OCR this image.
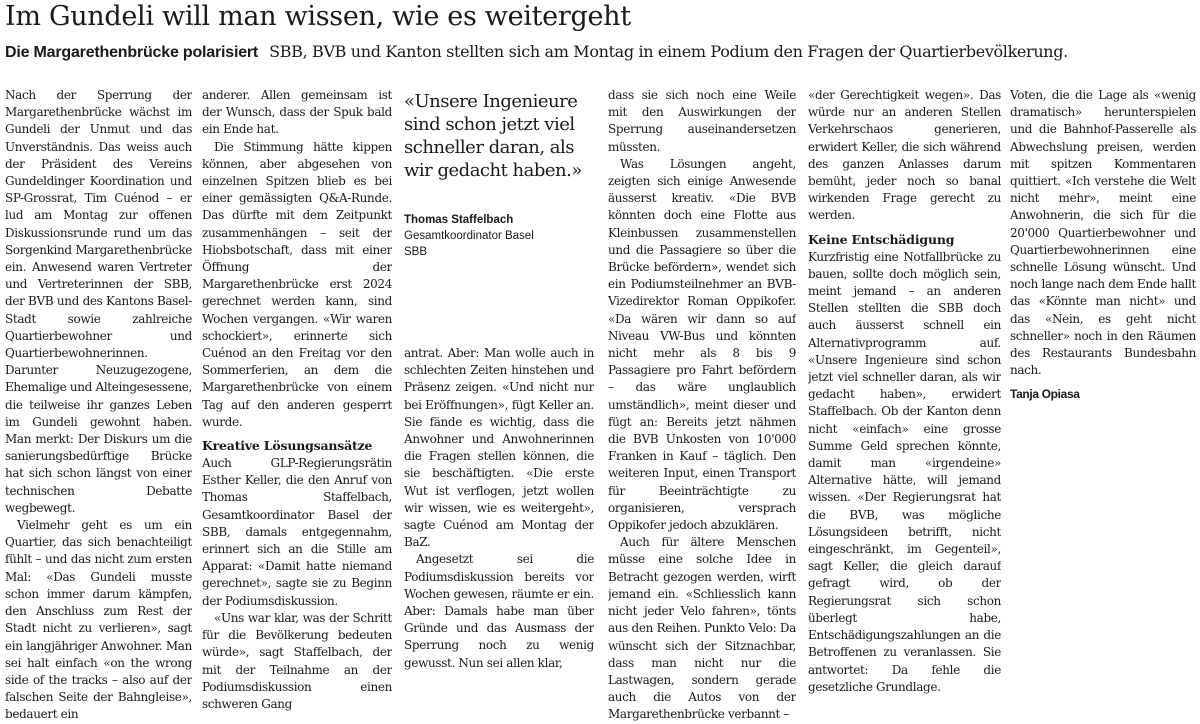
Im Gundeli will man wissen, wie es weitergeht
Die Margarethenbrücke polarisiert SBB, BVB und Kanton stellten sich am Montag in einem Podium den Fragen der Quartierbevölkerung.

Nach der Sperrung der Margarethenbrücke wächst im Gundeli der Unmut und das Unverständnis. Das weiss auch der Präsident des Vereins Gundeldinger Koordination und SP-Grossrat, Tim Cuénod – er lud am Montag zur offenen Diskussionsrunde rund um das Sorgenkind Margarethenbrücke ein. Anwesend waren Vertreter und Vertreterinnen der SBB, der BVB und des Kantons Basel-Stadt sowie zahlreiche Quartierbewohner und Quartierbewohnerinnen. Darunter Neuzugezogene, Ehemalige und Alteingesessene, die teilweise ihr ganzes Leben im Gundeli gewohnt haben. Man merkt: Der Diskurs um die sanierungsbedürftige Brücke hat sich schon längst von einer technischen Debatte wegbewegt.

Vielmehr geht es um ein Quartier, das sich benachteiligt fühlt – und das nicht zum ersten Mal: «Das Gundeli musste schon immer darum kämpfen, den Anschluss zum Rest der Stadt nicht zu verlieren», sagt ein langjähriger Anwohner. Man sei halt einfach «on the wrong side of the tracks – also auf der falschen Seite der Bahngleise», bedauert ein

anderer. Allen gemeinsam ist der Wunsch, dass der Spuk bald ein Ende hat.

Die Stimmung hätte kippen können, aber abgesehen von einzelnen Spitzen blieb es bei einer gemässigten Q&A-Runde. Das dürfte mit dem Zeitpunkt zusammenhängen – seit der Hiobsbotschaft, dass mit einer Öffnung der Margarethenbrücke erst 2024 gerechnet werden kann, sind Wochen vergangen. «Wir waren schockiert», erinnerte sich Cuénod an den Freitag vor den Sommerferien, an dem die Margarethenbrücke von einem Tag auf den anderen gesperrt wurde.

Kreative Lösungsansätze

Auch GLP-Regierungsrätin Esther Keller, die den Anruf von Thomas Staffelbach, Gesamtkoordinator Basel der SBB, damals entgegennahm, erinnert sich an die Stille am Apparat: «Damit hatte niemand gerechnet», sagte sie zu Beginn der Podiumsdiskussion.

«Uns war klar, was der Schritt für die Bevölkerung bedeuten würde», sagt Staffelbach, der mit der Teilnahme an der Podiumsdiskussion einen schweren Gang

«Unsere Ingenieure sind schon jetzt viel schneller daran, als wir gedacht haben.»
Thomas Staffelbach
Gesamtkoordinator Basel
SBB

antrat. Aber: Man wolle auch in schlechten Zeiten hinstehen und Präsenz zeigen. «Und nicht nur bei Eröffnungen», fügt Keller an. Sie fände es wichtig, dass die Anwohner und Anwohnerinnen die Fragen stellen können, die sie beschäftigten. «Die erste Wut ist verflogen, jetzt wollen wir wissen, wie es weitergeht», sagte Cuénod am Montag der BaZ.

Angesetzt sei die Podiumsdiskussion bereits vor Wochen gewesen, räumte er ein. Aber: Damals habe man über Gründe und das Ausmass der Sperrung noch zu wenig gewusst. Nun sei allen klar,

dass sie sich noch eine Weile mit den Auswirkungen der Sperrung auseinandersetzen müssten.

Was Lösungen angeht, zeigten sich einige Anwesende äusserst kreativ. «Die BVB könnten doch eine Flotte aus Kleinbussen zusammenstellen und die Passagiere so über die Brücke befördern», wendet sich ein Podiumsteilnehmer an BVB-Vizedirektor Roman Oppikofer. «Da wären wir dann so auf Niveau VW-Bus und könnten nicht mehr als 8 bis 9 Passagiere pro Fahrt befördern – das wäre unglaublich umständlich», meint dieser und fügt an: Bereits jetzt nähmen die BVB Unkosten von 10'000 Franken in Kauf – täglich. Den weiteren Input, einen Transport für Beeinträchtigte zu organisieren, versprach Oppikofer jedoch abzuklären.

Auch für ältere Menschen müsse eine solche Idee in Betracht gezogen werden, wirft jemand ein. «Schliesslich kann nicht jeder Velo fahren», tönts aus den Reihen. Punkto Velo: Da wünscht sich der Sitznachbar, dass man nicht nur die Lastwagen, sondern gerade auch die Autos von der Margarethenbrücke verbannt –

«der Gerechtigkeit wegen». Das würde nur an anderen Stellen Verkehrschaos generieren, erwidert Keller, die sich während des ganzen Anlasses darum bemüht, jeder noch so banal wirkenden Frage gerecht zu werden.

Keine Entschädigung

Kurzfristig eine Notfallbrücke zu bauen, sollte doch möglich sein, meint jemand – an anderen Stellen stellten die SBB doch auch äusserst schnell ein Alternativprogramm auf. «Unsere Ingenieure sind schon jetzt viel schneller daran, als wir gedacht haben», erwidert Staffelbach. Ob der Kanton denn nicht «einfach» eine grosse Summe Geld sprechen könnte, damit man «irgendeine» Alternative hätte, will jemand wissen. «Der Regierungsrat hat die BVB, was mögliche Lösungsideen betrifft, nicht eingeschränkt, im Gegenteil», sagt Keller, die gleich darauf gefragt wird, ob der Regierungsrat sich schon überlegt habe, Entschädigungszahlungen an die Betroffenen zu veranlassen. Sie antwortet: Da fehle die gesetzliche Grundlage.

Voten, die die Lage als «wenig dramatisch» herunterspielen und die Bahnhof-Passerelle als Abwechslung preisen, werden mit spitzen Kommentaren quittiert. «Ich verstehe die Welt nicht mehr», meint eine Anwohnerin, die sich für die 20'000 Quartierbewohner und Quartierbewohnerinnen eine schnelle Lösung wünscht. Und noch lange nach dem Ende hallt das «Könnte man nicht» und das «Nein, es geht nicht schneller» noch in den Räumen des Restaurants Bundesbahn nach.

Tanja Opiasa
